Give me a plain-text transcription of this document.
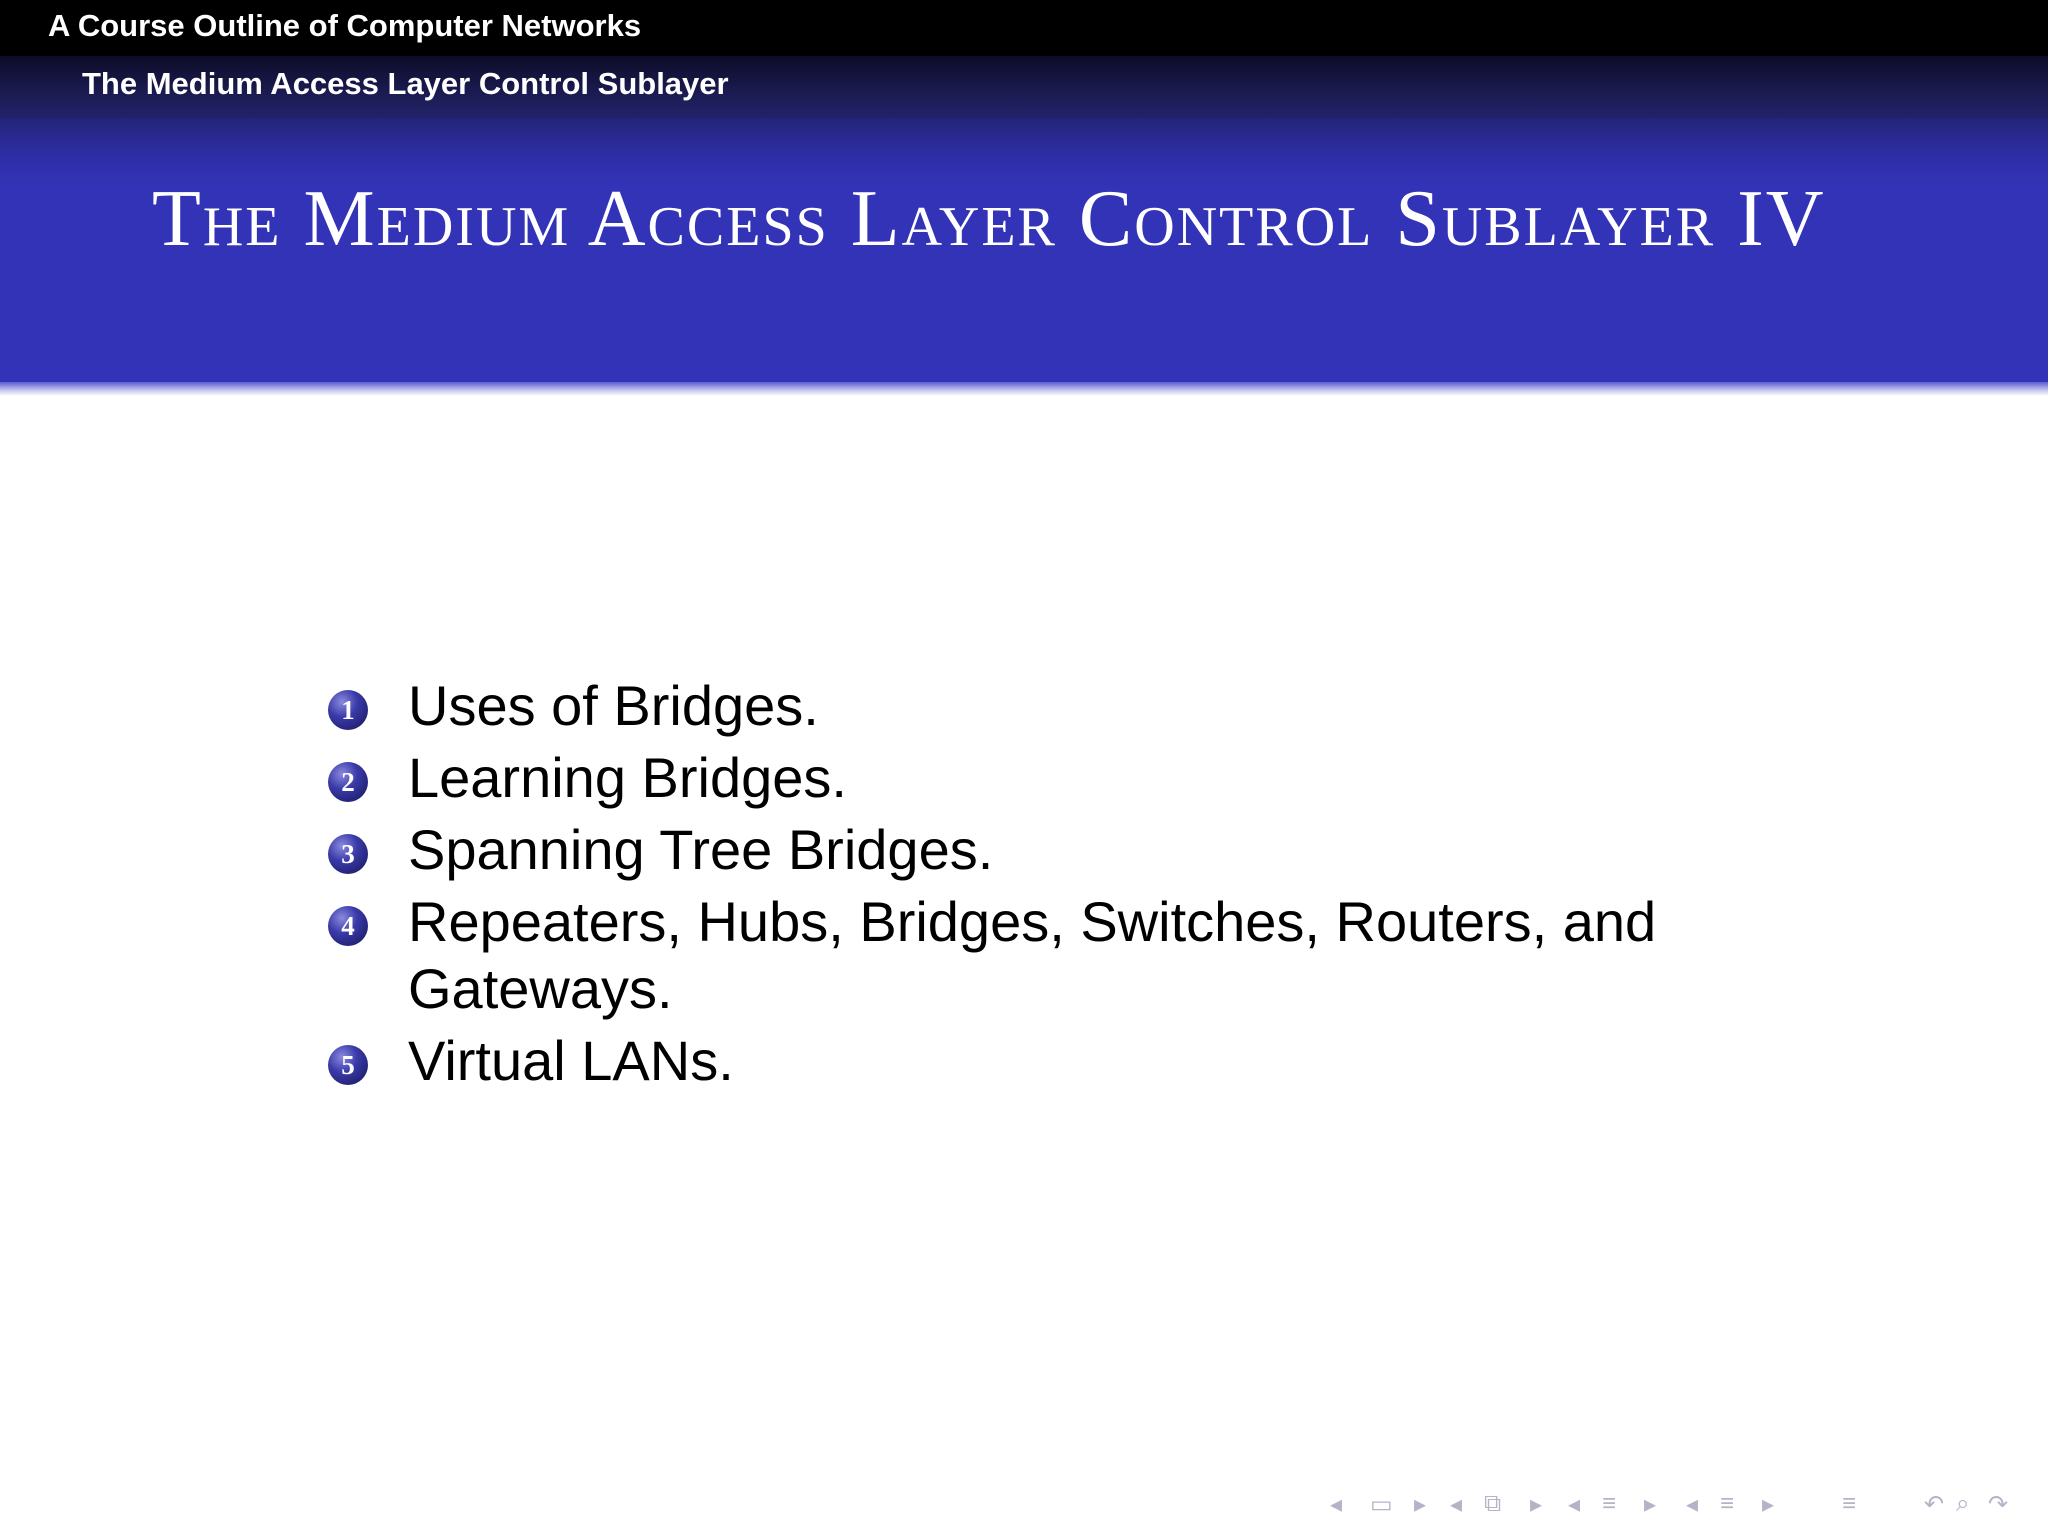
A Course Outline of Computer Networks
The Medium Access Layer Control Sublayer
The Medium Access Layer Control Sublayer IV
1 Uses of Bridges.
2 Learning Bridges.
3 Spanning Tree Bridges.
4 Repeaters, Hubs, Bridges, Switches, Routers, and Gateways.
5 Virtual LANs.
◂ ▭ ▸ ◂ ⧉ ▸ ◂ ≡ ▸ ◂ ≡ ▸	≡	↶ ⌕ ↷
